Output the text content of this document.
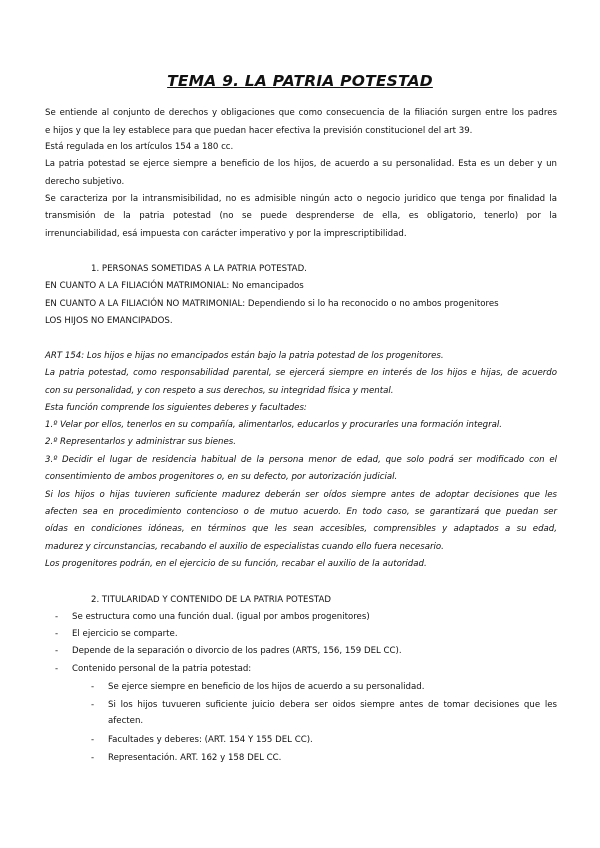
TEMA 9. LA PATRIA POTESTAD
Se entiende al conjunto de derechos y obligaciones que como consecuencia de la filiación surgen entre los padres
e hijos y que la ley establece para que puedan hacer efectiva la previsión constitucionel del art 39.
Está regulada en los artículos 154 a 180 cc.
La patria potestad se ejerce siempre a beneficio de los hijos, de acuerdo a su personalidad. Esta es un deber y un
derecho subjetivo.
Se caracteriza por la intransmisibilidad, no es admisible ningún acto o negocio juridico que tenga por finalidad la
transmisión de la patria potestad (no se puede desprenderse de ella, es obligatorio, tenerlo) por la
irrenunciabilidad, esá impuesta con carácter imperativo y por la imprescriptibilidad.
1. PERSONAS SOMETIDAS A LA PATRIA POTESTAD.
EN CUANTO A LA FILIACIÓN MATRIMONIAL: No emancipados
EN CUANTO A LA FILIACIÓN NO MATRIMONIAL: Dependiendo si lo ha reconocido o no ambos progenitores
LOS HIJOS NO EMANCIPADOS.
ART 154: Los hijos e hijas no emancipados están bajo la patria potestad de los progenitores.
La patria potestad, como responsabilidad parental, se ejercerá siempre en interés de los hijos e hijas, de acuerdo
con su personalidad, y con respeto a sus derechos, su integridad física y mental.
Esta función comprende los siguientes deberes y facultades:
1.º Velar por ellos, tenerlos en su compañía, alimentarlos, educarlos y procurarles una formación integral.
2.º Representarlos y administrar sus bienes.
3.º Decidir el lugar de residencia habitual de la persona menor de edad, que solo podrá ser modificado con el
consentimiento de ambos progenitores o, en su defecto, por autorización judicial.
Si los hijos o hijas tuvieren suficiente madurez deberán ser oídos siempre antes de adoptar decisiones que les
afecten sea en procedimiento contencioso o de mutuo acuerdo. En todo caso, se garantizará que puedan ser
oídas en condiciones idóneas, en términos que les sean accesibles, comprensibles y adaptados a su edad,
madurez y circunstancias, recabando el auxilio de especialistas cuando ello fuera necesario.
Los progenitores podrán, en el ejercicio de su función, recabar el auxilio de la autoridad.
2. TITULARIDAD Y CONTENIDO DE LA PATRIA POTESTAD
- Se estructura como una función dual. (igual por ambos progenitores)
- El ejercicio se comparte.
- Depende de la separación o divorcio de los padres (ARTS, 156, 159 DEL CC).
- Contenido personal de la patria potestad:
- Se ejerce siempre en beneficio de los hijos de acuerdo a su personalidad.
- Si los hijos tuvueren suficiente juicio debera ser oidos siempre antes de tomar decisiones que les
afecten.
- Facultades y deberes: (ART. 154 Y 155 DEL CC).
- Representación. ART. 162 y 158 DEL CC.
